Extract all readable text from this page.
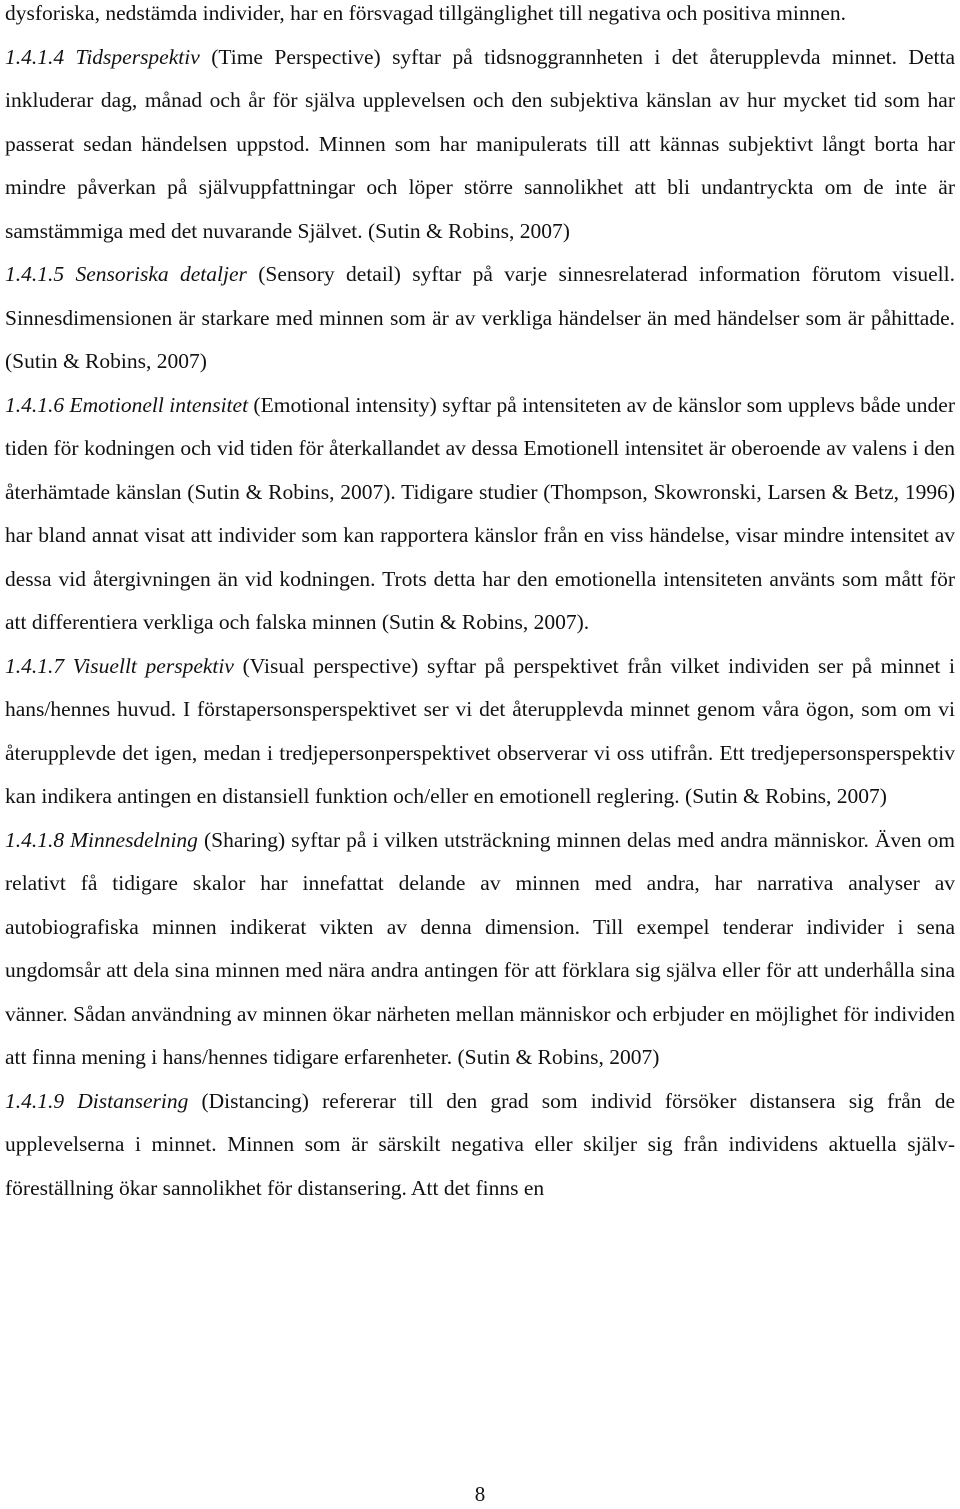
dysforiska, nedstämda individer, har en försvagad tillgänglighet till negativa och positiva minnen.

1.4.1.4 Tidsperspektiv (Time Perspective) syftar på tidsnoggrannheten i det återupplevda minnet. Detta inkluderar dag, månad och år för själva upplevelsen och den subjektiva känslan av hur mycket tid som har passerat sedan händelsen uppstod. Minnen som har manipulerats till att kännas subjektivt långt borta har mindre påverkan på självuppfattningar och löper större sannolikhet att bli undantryckta om de inte är samstämmiga med det nuvarande Självet. (Sutin & Robins, 2007)

1.4.1.5 Sensoriska detaljer (Sensory detail) syftar på varje sinnesrelaterad information förutom visuell. Sinnesdimensionen är starkare med minnen som är av verkliga händelser än med händelser som är påhittade. (Sutin & Robins, 2007)

1.4.1.6 Emotionell intensitet (Emotional intensity) syftar på intensiteten av de känslor som upplevs både under tiden för kodningen och vid tiden för återkallandet av dessa Emotionell intensitet är oberoende av valens i den återhämtade känslan (Sutin & Robins, 2007). Tidigare studier (Thompson, Skowronski, Larsen & Betz, 1996) har bland annat visat att individer som kan rapportera känslor från en viss händelse, visar mindre intensitet av dessa vid återgivningen än vid kodningen. Trots detta har den emotionella intensiteten använts som mått för att differentiera verkliga och falska minnen (Sutin & Robins, 2007).

1.4.1.7 Visuellt perspektiv (Visual perspective) syftar på perspektivet från vilket individen ser på minnet i hans/hennes huvud. I förstapersonsperspektivet ser vi det återupplevda minnet genom våra ögon, som om vi återupplevde det igen, medan i tredjepersonperspektivet observerar vi oss utifrån. Ett tredjepersonsperspektiv kan indikera antingen en distansiell funktion och/eller en emotionell reglering. (Sutin & Robins, 2007)

1.4.1.8 Minnesdelning (Sharing) syftar på i vilken utsträckning minnen delas med andra människor. Även om relativt få tidigare skalor har innefattat delande av minnen med andra, har narrativa analyser av autobiografiska minnen indikerat vikten av denna dimension. Till exempel tenderar individer i sena ungdomsår att dela sina minnen med nära andra antingen för att förklara sig själva eller för att underhålla sina vänner. Sådan användning av minnen ökar närheten mellan människor och erbjuder en möjlighet för individen att finna mening i hans/hennes tidigare erfarenheter. (Sutin & Robins, 2007)

1.4.1.9 Distansering (Distancing) refererar till den grad som individ försöker distansera sig från de upplevelserna i minnet. Minnen som är särskilt negativa eller skiljer sig från individens aktuella själv-föreställning ökar sannolikhet för distansering. Att det finns en

8
